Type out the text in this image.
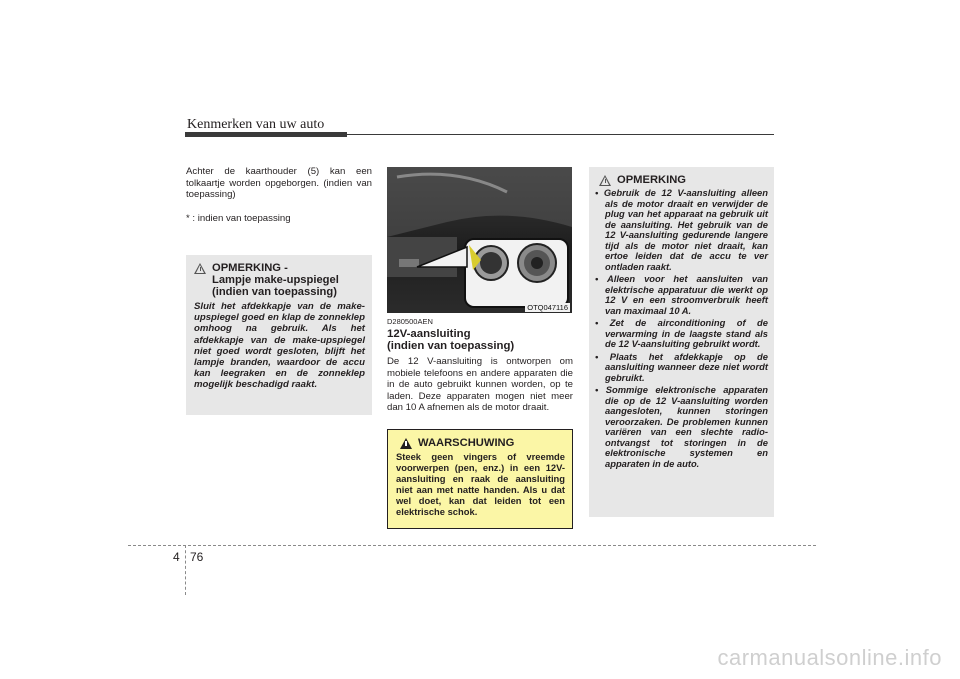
Kenmerken van uw auto
Achter de kaarthouder (5) kan een tolkaartje worden opgeborgen. (indien van toepassing)
* : indien van toepassing
OPMERKING -
Lampje make-upspiegel
(indien van toepassing)
Sluit het afdekkapje van de make-upspiegel goed en klap de zonneklep omhoog na gebruik. Als het afdekkapje van de make-upspiegel niet goed wordt gesloten, blijft het lampje branden, waardoor de accu kan leegraken en de zonneklep mogelijk beschadigd raakt.
OTQ047116
D280500AEN
12V-aansluiting
(indien van toepassing)
De 12 V-aansluiting is ontworpen om mobiele telefoons en andere apparaten die in de auto gebruikt kunnen worden, op te laden. Deze apparaten mogen niet meer dan 10 A afnemen als de motor draait.
WAARSCHUWING
Steek geen vingers of vreemde voorwerpen (pen, enz.) in een 12V-aansluiting en raak de aansluiting niet aan met natte handen. Als u dat wel doet, kan dat leiden tot een elektrische schok.
OPMERKING
• Gebruik de 12 V-aansluiting alleen als de motor draait en verwijder de plug van het apparaat na gebruik uit de aansluiting. Het gebruik van de 12 V-aansluiting gedurende langere tijd als de motor niet draait, kan ertoe leiden dat de accu te ver ontladen raakt.
• Alleen voor het aansluiten van elektrische apparatuur die werkt op 12 V en een stroomverbruik heeft van maximaal 10 A.
• Zet de airconditioning of de verwarming in de laagste stand als de 12 V-aansluiting gebruikt wordt.
• Plaats het afdekkapje op de aansluiting wanneer deze niet wordt gebruikt.
• Sommige elektronische apparaten die op de 12 V-aansluiting worden aangesloten, kunnen storingen veroorzaken. De problemen kunnen variëren van een slechte radio-ontvangst tot storingen in de elektronische systemen en apparaten in de auto.
4 76
carmanualsonline.info
